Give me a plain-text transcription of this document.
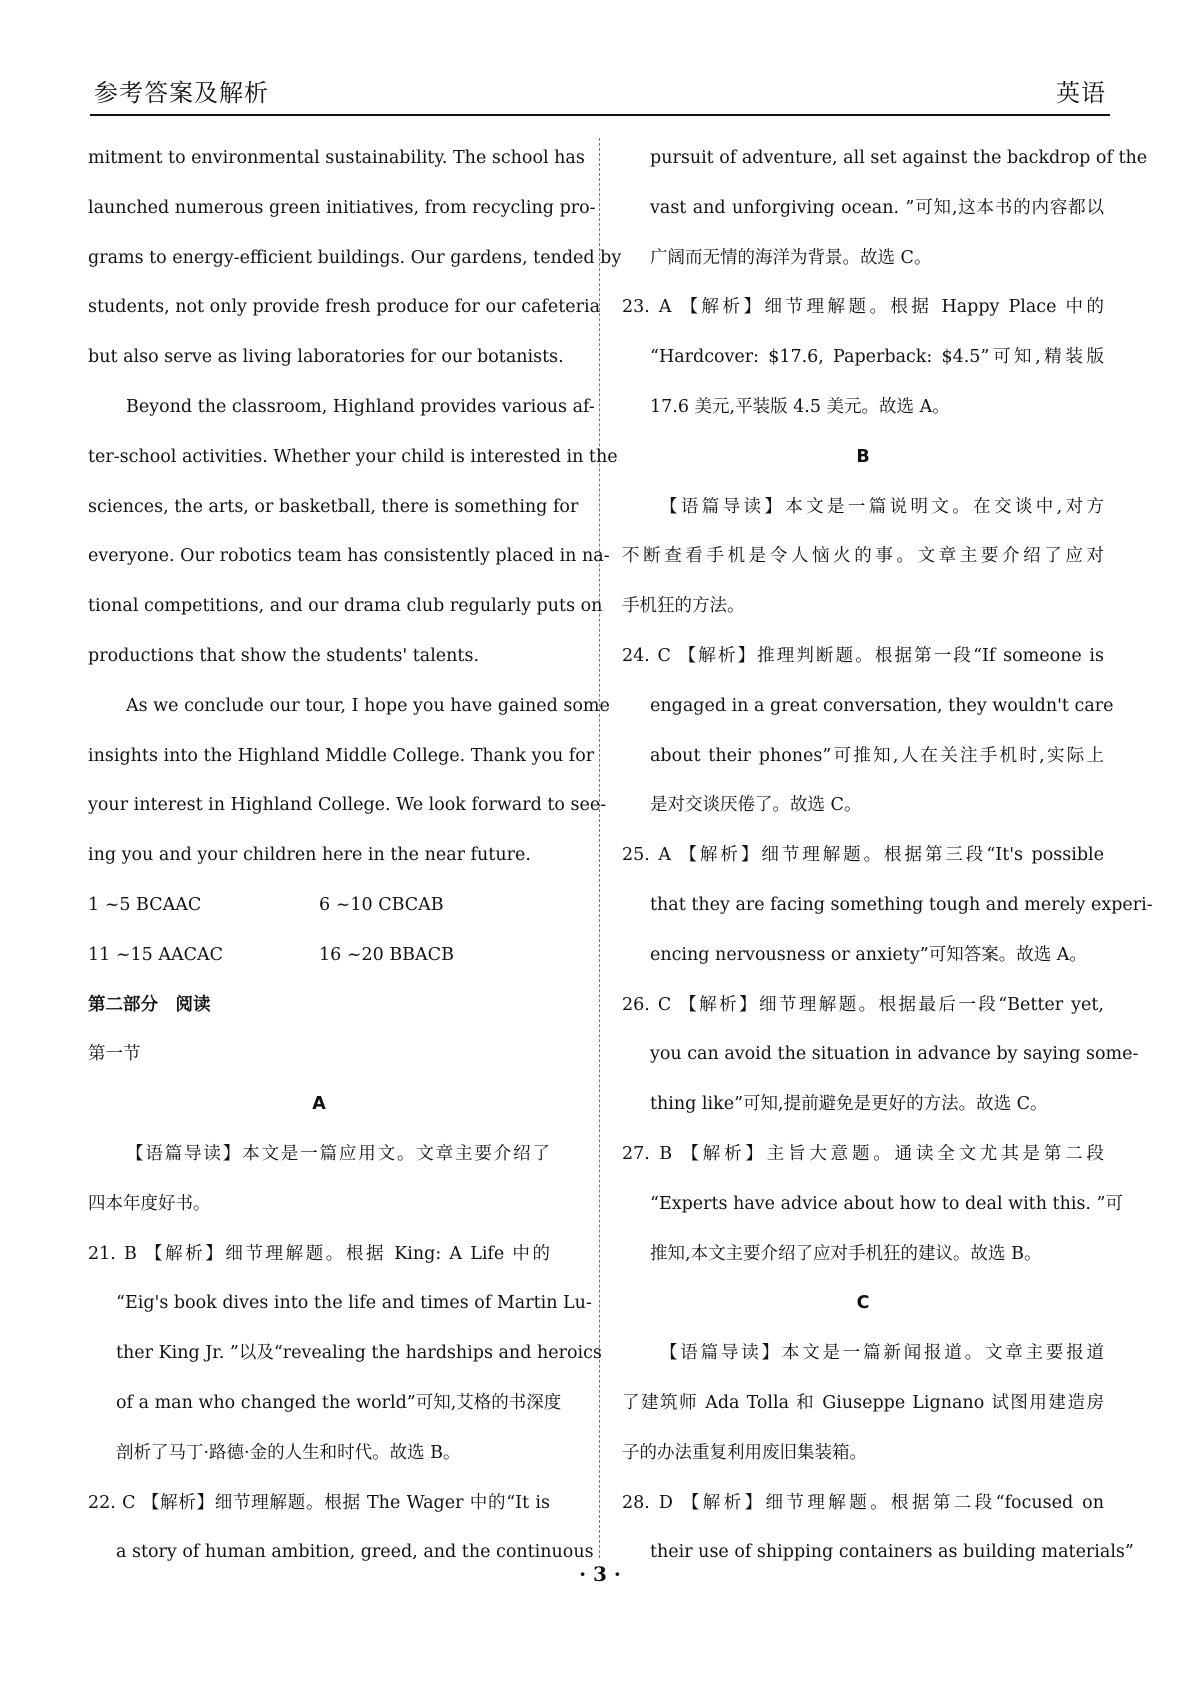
参考答案及解析	英语
mitment to environmental sustainability. The school has
launched numerous green initiatives, from recycling pro-
grams to energy-efficient buildings. Our gardens, tended by
students, not only provide fresh produce for our cafeteria
but also serve as living laboratories for our botanists.
Beyond the classroom, Highland provides various af-
ter-school activities. Whether your child is interested in the
sciences, the arts, or basketball, there is something for
everyone. Our robotics team has consistently placed in na-
tional competitions, and our drama club regularly puts on
productions that show the students' talents.
As we conclude our tour, I hope you have gained some
insights into the Highland Middle College. Thank you for
your interest in Highland College. We look forward to see-
ing you and your children here in the near future.
1 ~5 BCAAC	6 ~10 CBCAB
11 ~15 AACAC	16 ~20 BBACB
第二部分　阅读
第一节
A
【语篇导读】本文是一篇应用文。文章主要介绍了
四本年度好书。
21. B 【解析】细节理解题。根据 King: A Life 中的
“Eig's book dives into the life and times of Martin Lu-
ther King Jr. ”以及“revealing the hardships and heroics
of a man who changed the world”可知,艾格的书深度
剖析了马丁·路德·金的人生和时代。故选 B。
22. C 【解析】细节理解题。根据 The Wager 中的“It is
a story of human ambition, greed, and the continuous
pursuit of adventure, all set against the backdrop of the
vast and unforgiving ocean. ”可知,这本书的内容都以
广阔而无情的海洋为背景。故选 C。
23. A 【解析】细节理解题。根据 Happy Place 中的
“Hardcover: $17.6, Paperback: $4.5”可知,精装版
17.6 美元,平装版 4.5 美元。故选 A。
B
【语篇导读】本文是一篇说明文。在交谈中,对方
不断查看手机是令人恼火的事。文章主要介绍了应对
手机狂的方法。
24. C 【解析】推理判断题。根据第一段“If someone is
engaged in a great conversation, they wouldn't care
about their phones”可推知,人在关注手机时,实际上
是对交谈厌倦了。故选 C。
25. A 【解析】细节理解题。根据第三段“It's possible
that they are facing something tough and merely experi-
encing nervousness or anxiety”可知答案。故选 A。
26. C 【解析】细节理解题。根据最后一段“Better yet,
you can avoid the situation in advance by saying some-
thing like”可知,提前避免是更好的方法。故选 C。
27. B 【解析】主旨大意题。通读全文尤其是第二段
“Experts have advice about how to deal with this. ”可
推知,本文主要介绍了应对手机狂的建议。故选 B。
C
【语篇导读】本文是一篇新闻报道。文章主要报道
了建筑师 Ada Tolla 和 Giuseppe Lignano 试图用建造房
子的办法重复利用废旧集装箱。
28. D 【解析】细节理解题。根据第二段“focused on
their use of shipping containers as building materials”
· 3 ·
